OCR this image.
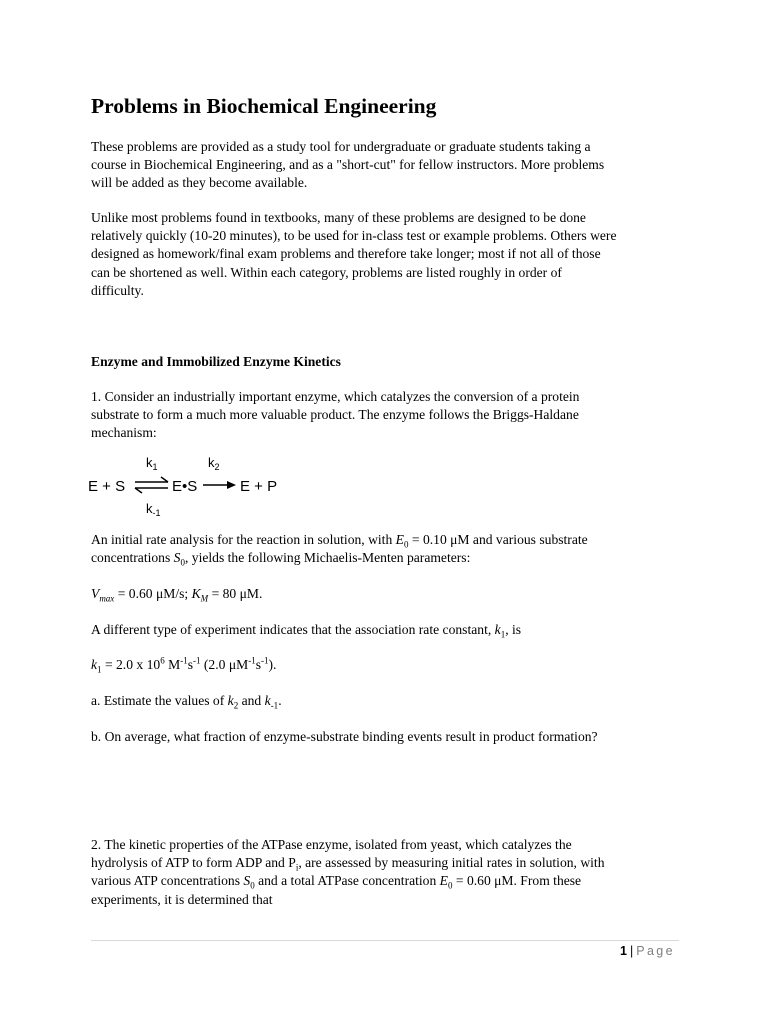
Problems in Biochemical Engineering

These problems are provided as a study tool for undergraduate or graduate students taking a
course in Biochemical Engineering, and as a "short-cut" for fellow instructors. More problems
will be added as they become available.

Unlike most problems found in textbooks, many of these problems are designed to be done
relatively quickly (10-20 minutes), to be used for in-class test or example problems. Others were
designed as homework/final exam problems and therefore take longer; most if not all of those
can be shortened as well. Within each category, problems are listed roughly in order of
difficulty.

Enzyme and Immobilized Enzyme Kinetics

1. Consider an industrially important enzyme, which catalyzes the conversion of a protein
substrate to form a much more valuable product. The enzyme follows the Briggs-Haldane
mechanism:

E + S
$k_1$
$k_{-1}$
E•S
$k_2$
E + P

An initial rate analysis for the reaction in solution, with $E_0 = 0.10$ μM and various substrate
concentrations $S_0$, yields the following Michaelis-Menten parameters:

$V_{max} = 0.60$ μM/s; $K_M = 80$ μM.

A different type of experiment indicates that the association rate constant, $k_1$, is

$k_1 = 2.0$ x $10^6$ $M^{-1}s^{-1}$ (2.0 $\mu M^{-1}s^{-1}$).

a. Estimate the values of $k_2$ and $k_{-1}$.

b. On average, what fraction of enzyme-substrate binding events result in product formation?

2. The kinetic properties of the ATPase enzyme, isolated from yeast, which catalyzes the
hydrolysis of ATP to form ADP and $P_i$, are assessed by measuring initial rates in solution, with
various ATP concentrations $S_0$ and a total ATPase concentration $E_0 = 0.60$ μM. From these
experiments, it is determined that

1 | Page
